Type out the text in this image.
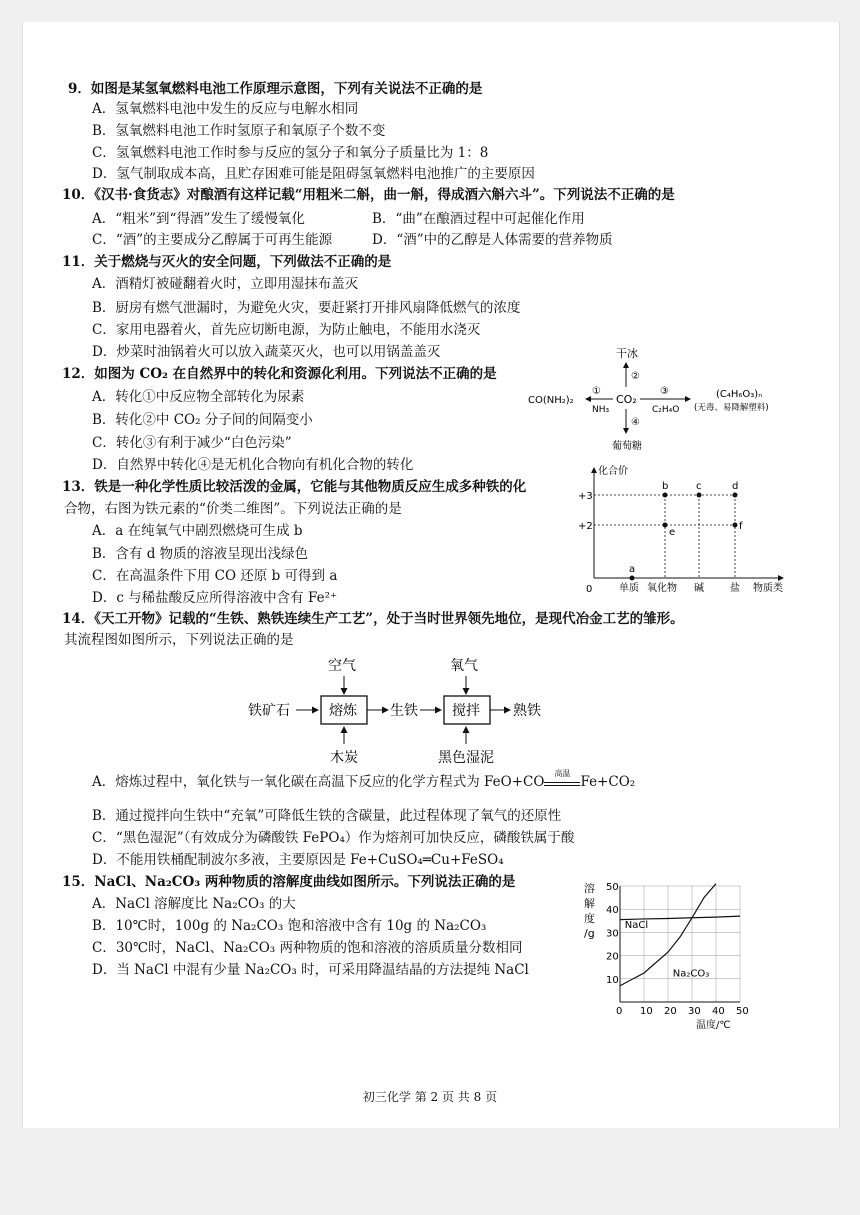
9．如图是某氢氧燃料电池工作原理示意图，下列有关说法不正确的是
A．氢氧燃料电池中发生的反应与电解水相同
B．氢氧燃料电池工作时氢原子和氧原子个数不变
C．氢氧燃料电池工作时参与反应的氢分子和氧分子质量比为 1：8
D．氢气制取成本高，且贮存困难可能是阻碍氢氧燃料电池推广的主要原因
10．《汉书·食货志》对酿酒有这样记载“用粗米二斛，曲一斛，得成酒六斛六斗”。下列说法不正确的是
A．“粗米”到“得酒”发生了缓慢氧化	B．“曲”在酿酒过程中可起催化作用
C．“酒”的主要成分乙醇属于可再生能源	D．“酒”中的乙醇是人体需要的营养物质
11．关于燃烧与灭火的安全问题，下列做法不正确的是
A．酒精灯被碰翻着火时，立即用湿抹布盖灭
B．厨房有燃气泄漏时，为避免火灾，要赶紧打开排风扇降低燃气的浓度
C．家用电器着火，首先应切断电源，为防止触电，不能用水浇灭
D．炒菜时油锅着火可以放入蔬菜灭火，也可以用锅盖盖灭
12．如图为 CO₂ 在自然界中的转化和资源化利用。下列说法不正确的是
A．转化①中反应物全部转化为尿素
B．转化②中 CO₂ 分子间的间隔变小
C．转化③有利于减少“白色污染”
D．自然界中转化④是无机化合物向有机化合物的转化
干冰
②
CO₂
①
NH₃
CO(NH₂)₂
③
C₂H₄O
(C₄H₆O₃)ₙ
(无毒、易降解塑料)
④
葡萄糖
13．铁是一种化学性质比较活泼的金属，它能与其他物质反应生成多种铁的化
合物，右图为铁元素的“价类二维图”。下列说法正确的是
A．a 在纯氧气中剧烈燃烧可生成 b
B．含有 d 物质的溶液呈现出浅绿色
C．在高温条件下用 CO 还原 b 可得到 a
D．c 与稀盐酸反应所得溶液中含有 Fe²⁺
化合价
+3
+2
0
a
b	c	d
e
f
单质 氧化物 碱	盐 物质类
14．《天工开物》记载的“生铁、熟铁连续生产工艺”，处于当时世界领先地位，是现代冶金工艺的雏形。
其流程图如图所示，下列说法正确的是
空气	氧气
铁矿石	熔炼 生铁 搅拌 熟铁
木炭	黑色湿泥
A．熔炼过程中，氧化铁与一氧化碳在高温下反应的化学方程式为 FeO+CO
高温
Fe+CO₂
B．通过搅拌向生铁中“充氧”可降低生铁的含碳量，此过程体现了氧气的还原性
C．“黑色湿泥”（有效成分为磷酸铁 FePO₄）作为熔剂可加快反应，磷酸铁属于酸
D．不能用铁桶配制波尔多液，主要原因是 Fe+CuSO₄═Cu+FeSO₄
15．NaCl、Na₂CO₃ 两种物质的溶解度曲线如图所示。下列说法正确的是
A．NaCl 溶解度比 Na₂CO₃ 的大
B．10℃时，100g 的 Na₂CO₃ 饱和溶液中含有 10g 的 Na₂CO₃
C．30℃时，NaCl、Na₂CO₃ 两种物质的饱和溶液的溶质质量分数相同
D．当 NaCl 中混有少量 Na₂CO₃ 时，可采用降温结晶的方法提纯 NaCl
0 10 20 30 40 50
10
20
30
40
50
NaCl
Na₂CO₃
溶
解
度
/g
温度/℃
初三化学 第 2 页 共 8 页
